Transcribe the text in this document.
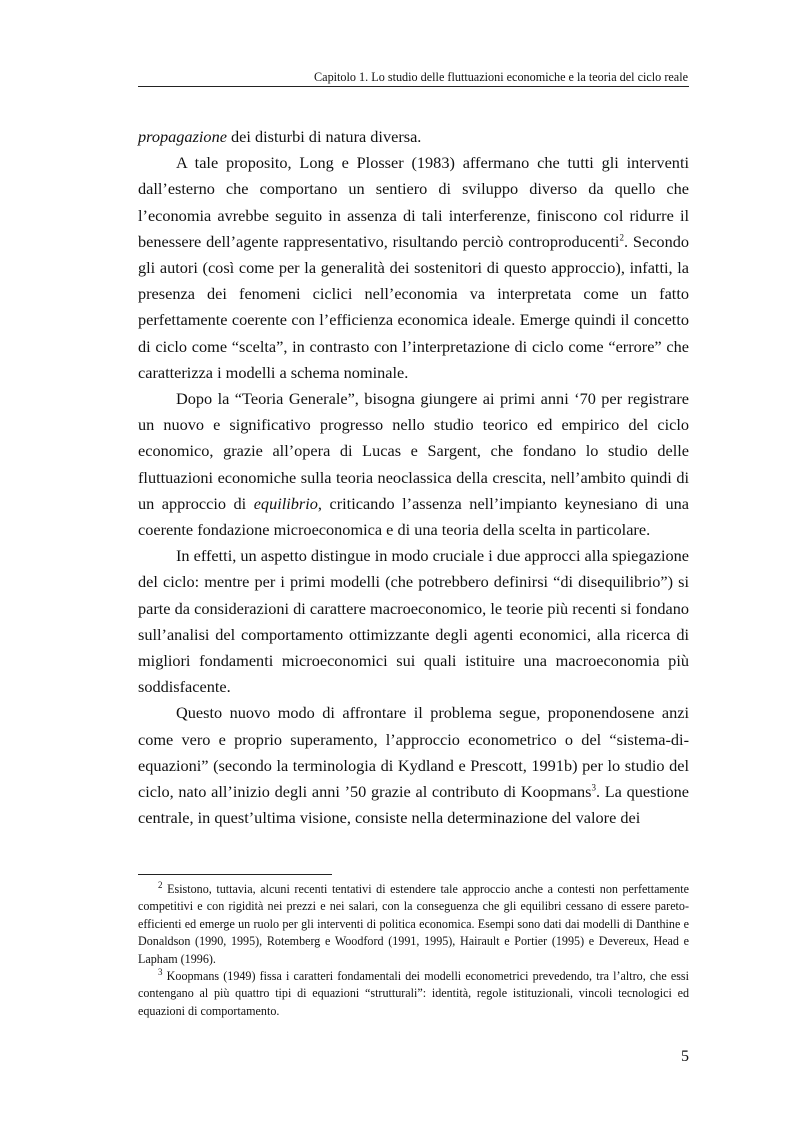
Capitolo 1. Lo studio delle fluttuazioni economiche e la teoria del ciclo reale

propagazione dei disturbi di natura diversa.

A tale proposito, Long e Plosser (1983) affermano che tutti gli interventi dall’esterno che comportano un sentiero di sviluppo diverso da quello che l’economia avrebbe seguito in assenza di tali interferenze, finiscono col ridurre il benessere dell’agente rappresentativo, risultando perciò controproducenti$^2$. Secondo gli autori (così come per la generalità dei sostenitori di questo approccio), infatti, la presenza dei fenomeni ciclici nell’economia va interpretata come un fatto perfettamente coerente con l’efficienza economica ideale. Emerge quindi il concetto di ciclo come “scelta”, in contrasto con l’interpretazione di ciclo come “errore” che caratterizza i modelli a schema nominale.

Dopo la “Teoria Generale”, bisogna giungere ai primi anni ‘70 per registrare un nuovo e significativo progresso nello studio teorico ed empirico del ciclo economico, grazie all’opera di Lucas e Sargent, che fondano lo studio delle fluttuazioni economiche sulla teoria neoclassica della crescita, nell’ambito quindi di un approccio di equilibrio, criticando l’assenza nell’impianto keynesiano di una coerente fondazione microeconomica e di una teoria della scelta in particolare.

In effetti, un aspetto distingue in modo cruciale i due approcci alla spiegazione del ciclo: mentre per i primi modelli (che potrebbero definirsi “di disequilibrio”) si parte da considerazioni di carattere macroeconomico, le teorie più recenti si fondano sull’analisi del comportamento ottimizzante degli agenti economici, alla ricerca di migliori fondamenti microeconomici sui quali istituire una macroeconomia più soddisfacente.

Questo nuovo modo di affrontare il problema segue, proponendosene anzi come vero e proprio superamento, l’approccio econometrico o del “sistema-di-equazioni” (secondo la terminologia di Kydland e Prescott, 1991b) per lo studio del ciclo, nato all’inizio degli anni ’50 grazie al contributo di Koopmans$^3$. La questione centrale, in quest’ultima visione, consiste nella determinazione del valore dei

$^2$ Esistono, tuttavia, alcuni recenti tentativi di estendere tale approccio anche a contesti non perfettamente competitivi e con rigidità nei prezzi e nei salari, con la conseguenza che gli equilibri cessano di essere pareto-efficienti ed emerge un ruolo per gli interventi di politica economica. Esempi sono dati dai modelli di Danthine e Donaldson (1990, 1995), Rotemberg e Woodford (1991, 1995), Hairault e Portier (1995) e Devereux, Head e Lapham (1996).

$^3$ Koopmans (1949) fissa i caratteri fondamentali dei modelli econometrici prevedendo, tra l’altro, che essi contengano al più quattro tipi di equazioni “strutturali”: identità, regole istituzionali, vincoli tecnologici ed equazioni di comportamento.

5
